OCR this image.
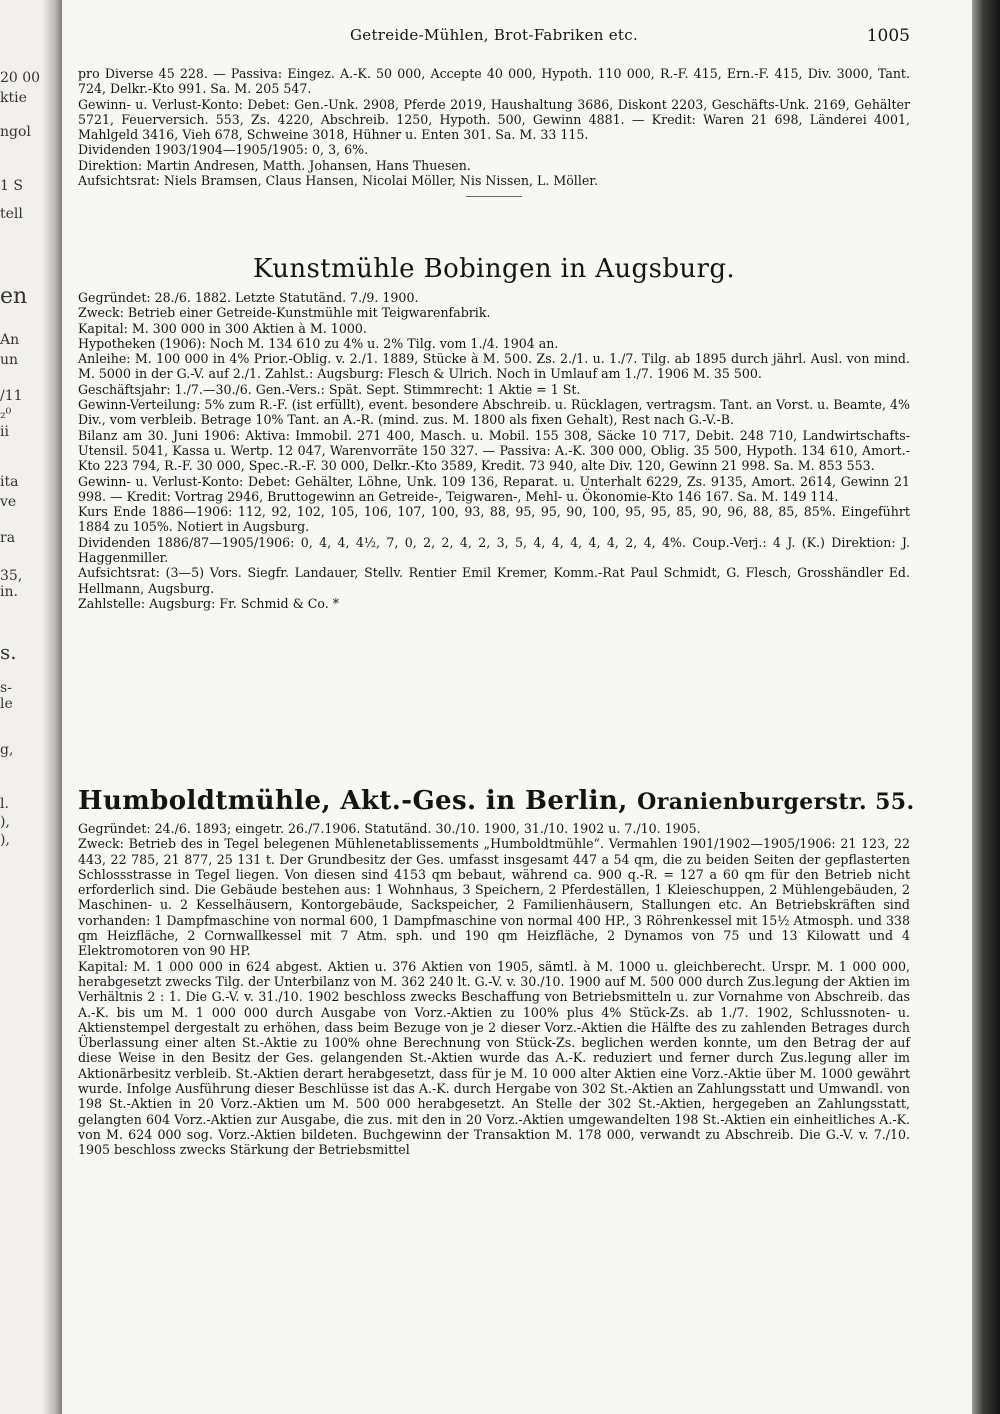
20 00
ktie
ngol
1 S
tell
en
An
un
/11
₂⁰
ii
ita
ve
ra
35,
in.
s.
s-
le
g,
l.
),
),
Getreide-Mühlen, Brot-Fabriken etc.	1005

pro Diverse 45 228. — Passiva: Eingez. A.-K. 50 000, Accepte 40 000, Hypoth. 110 000, R.-F. 415, Ern.-F. 415, Div. 3000, Tant. 724, Delkr.-Kto 991. Sa. M. 205 547.

Gewinn- u. Verlust-Konto: Debet: Gen.-Unk. 2908, Pferde 2019, Haushaltung 3686, Diskont 2203, Geschäfts-Unk. 2169, Gehälter 5721, Feuerversich. 553, Zs. 4220, Abschreib. 1250, Hypoth. 500, Gewinn 4881. — Kredit: Waren 21 698, Länderei 4001, Mahlgeld 3416, Vieh 678, Schweine 3018, Hühner u. Enten 301. Sa. M. 33 115.

Dividenden 1903/1904—1905/1905: 0, 3, 6%.

Direktion: Martin Andresen, Matth. Johansen, Hans Thuesen.

Aufsichtsrat: Niels Bramsen, Claus Hansen, Nicolai Möller, Nis Nissen, L. Möller.

Kunstmühle Bobingen in Augsburg.

Gegründet: 28./6. 1882. Letzte Statutänd. 7./9. 1900.

Zweck: Betrieb einer Getreide-Kunstmühle mit Teigwarenfabrik.

Kapital: M. 300 000 in 300 Aktien à M. 1000.

Hypotheken (1906): Noch M. 134 610 zu 4% u. 2% Tilg. vom 1./4. 1904 an.

Anleihe: M. 100 000 in 4% Prior.-Oblig. v. 2./1. 1889, Stücke à M. 500. Zs. 2./1. u. 1./7. Tilg. ab 1895 durch jährl. Ausl. von mind. M. 5000 in der G.-V. auf 2./1. Zahlst.: Augsburg: Flesch & Ulrich. Noch in Umlauf am 1./7. 1906 M. 35 500.

Geschäftsjahr: 1./7.—30./6. Gen.-Vers.: Spät. Sept. Stimmrecht: 1 Aktie = 1 St.

Gewinn-Verteilung: 5% zum R.-F. (ist erfüllt), event. besondere Abschreib. u. Rücklagen, vertragsm. Tant. an Vorst. u. Beamte, 4% Div., vom verbleib. Betrage 10% Tant. an A.-R. (mind. zus. M. 1800 als fixen Gehalt), Rest nach G.-V.-B.

Bilanz am 30. Juni 1906: Aktiva: Immobil. 271 400, Masch. u. Mobil. 155 308, Säcke 10 717, Debit. 248 710, Landwirtschafts-Utensil. 5041, Kassa u. Wertp. 12 047, Warenvorräte 150 327. — Passiva: A.-K. 300 000, Oblig. 35 500, Hypoth. 134 610, Amort.-Kto 223 794, R.-F. 30 000, Spec.-R.-F. 30 000, Delkr.-Kto 3589, Kredit. 73 940, alte Div. 120, Gewinn 21 998. Sa. M. 853 553.

Gewinn- u. Verlust-Konto: Debet: Gehälter, Löhne, Unk. 109 136, Reparat. u. Unterhalt 6229, Zs. 9135, Amort. 2614, Gewinn 21 998. — Kredit: Vortrag 2946, Bruttogewinn an Getreide-, Teigwaren-, Mehl- u. Ökonomie-Kto 146 167. Sa. M. 149 114.

Kurs Ende 1886—1906: 112, 92, 102, 105, 106, 107, 100, 93, 88, 95, 95, 90, 100, 95, 95, 85, 90, 96, 88, 85, 85%. Eingeführt 1884 zu 105%. Notiert in Augsburg.

Dividenden 1886/87—1905/1906: 0, 4, 4, 4½, 7, 0, 2, 2, 4, 2, 3, 5, 4, 4, 4, 4, 4, 2, 4, 4%. Coup.-Verj.: 4 J. (K.) Direktion: J. Haggenmiller.

Aufsichtsrat: (3—5) Vors. Siegfr. Landauer, Stellv. Rentier Emil Kremer, Komm.-Rat Paul Schmidt, G. Flesch, Grosshändler Ed. Hellmann, Augsburg.

Zahlstelle: Augsburg: Fr. Schmid & Co. *

Humboldtmühle, Akt.-Ges. in Berlin, Oranienburgerstr. 55.

Gegründet: 24./6. 1893; eingetr. 26./7.1906. Statutänd. 30./10. 1900, 31./10. 1902 u. 7./10. 1905.

Zweck: Betrieb des in Tegel belegenen Mühlenetablissements „Humboldtmühle“. Vermahlen 1901/1902—1905/1906: 21 123, 22 443, 22 785, 21 877, 25 131 t. Der Grundbesitz der Ges. umfasst insgesamt 447 a 54 qm, die zu beiden Seiten der gepflasterten Schlossstrasse in Tegel liegen. Von diesen sind 4153 qm bebaut, während ca. 900 q.-R. = 127 a 60 qm für den Betrieb nicht erforderlich sind. Die Gebäude bestehen aus: 1 Wohnhaus, 3 Speichern, 2 Pferdeställen, 1 Kleieschuppen, 2 Mühlengebäuden, 2 Maschinen- u. 2 Kesselhäusern, Kontorgebäude, Sackspeicher, 2 Familienhäusern, Stallungen etc. An Betriebskräften sind vorhanden: 1 Dampfmaschine von normal 600, 1 Dampfmaschine von normal 400 HP., 3 Röhrenkessel mit 15½ Atmosph. und 338 qm Heizfläche, 2 Cornwallkessel mit 7 Atm. sph. und 190 qm Heizfläche, 2 Dynamos von 75 und 13 Kilowatt und 4 Elektromotoren von 90 HP.

Kapital: M. 1 000 000 in 624 abgest. Aktien u. 376 Aktien von 1905, sämtl. à M. 1000 u. gleichberecht. Urspr. M. 1 000 000, herabgesetzt zwecks Tilg. der Unterbilanz von M. 362 240 lt. G.-V. v. 30./10. 1900 auf M. 500 000 durch Zus.legung der Aktien im Verhältnis 2 : 1. Die G.-V. v. 31./10. 1902 beschloss zwecks Beschaffung von Betriebsmitteln u. zur Vornahme von Abschreib. das A.-K. bis um M. 1 000 000 durch Ausgabe von Vorz.-Aktien zu 100% plus 4% Stück-Zs. ab 1./7. 1902, Schlussnoten- u. Aktienstempel dergestalt zu erhöhen, dass beim Bezuge von je 2 dieser Vorz.-Aktien die Hälfte des zu zahlenden Betrages durch Überlassung einer alten St.-Aktie zu 100% ohne Berechnung von Stück-Zs. beglichen werden konnte, um den Betrag der auf diese Weise in den Besitz der Ges. gelangenden St.-Aktien wurde das A.-K. reduziert und ferner durch Zus.legung aller im Aktionärbesitz verbleib. St.-Aktien derart herabgesetzt, dass für je M. 10 000 alter Aktien eine Vorz.-Aktie über M. 1000 gewährt wurde. Infolge Ausführung dieser Beschlüsse ist das A.-K. durch Hergabe von 302 St.-Aktien an Zahlungsstatt und Umwandl. von 198 St.-Aktien in 20 Vorz.-Aktien um M. 500 000 herabgesetzt. An Stelle der 302 St.-Aktien, hergegeben an Zahlungsstatt, gelangten 604 Vorz.-Aktien zur Ausgabe, die zus. mit den in 20 Vorz.-Aktien umgewandelten 198 St.-Aktien ein einheitliches A.-K. von M. 624 000 sog. Vorz.-Aktien bildeten. Buchgewinn der Transaktion M. 178 000, verwandt zu Abschreib. Die G.-V. v. 7./10. 1905 beschloss zwecks Stärkung der Betriebsmittel
